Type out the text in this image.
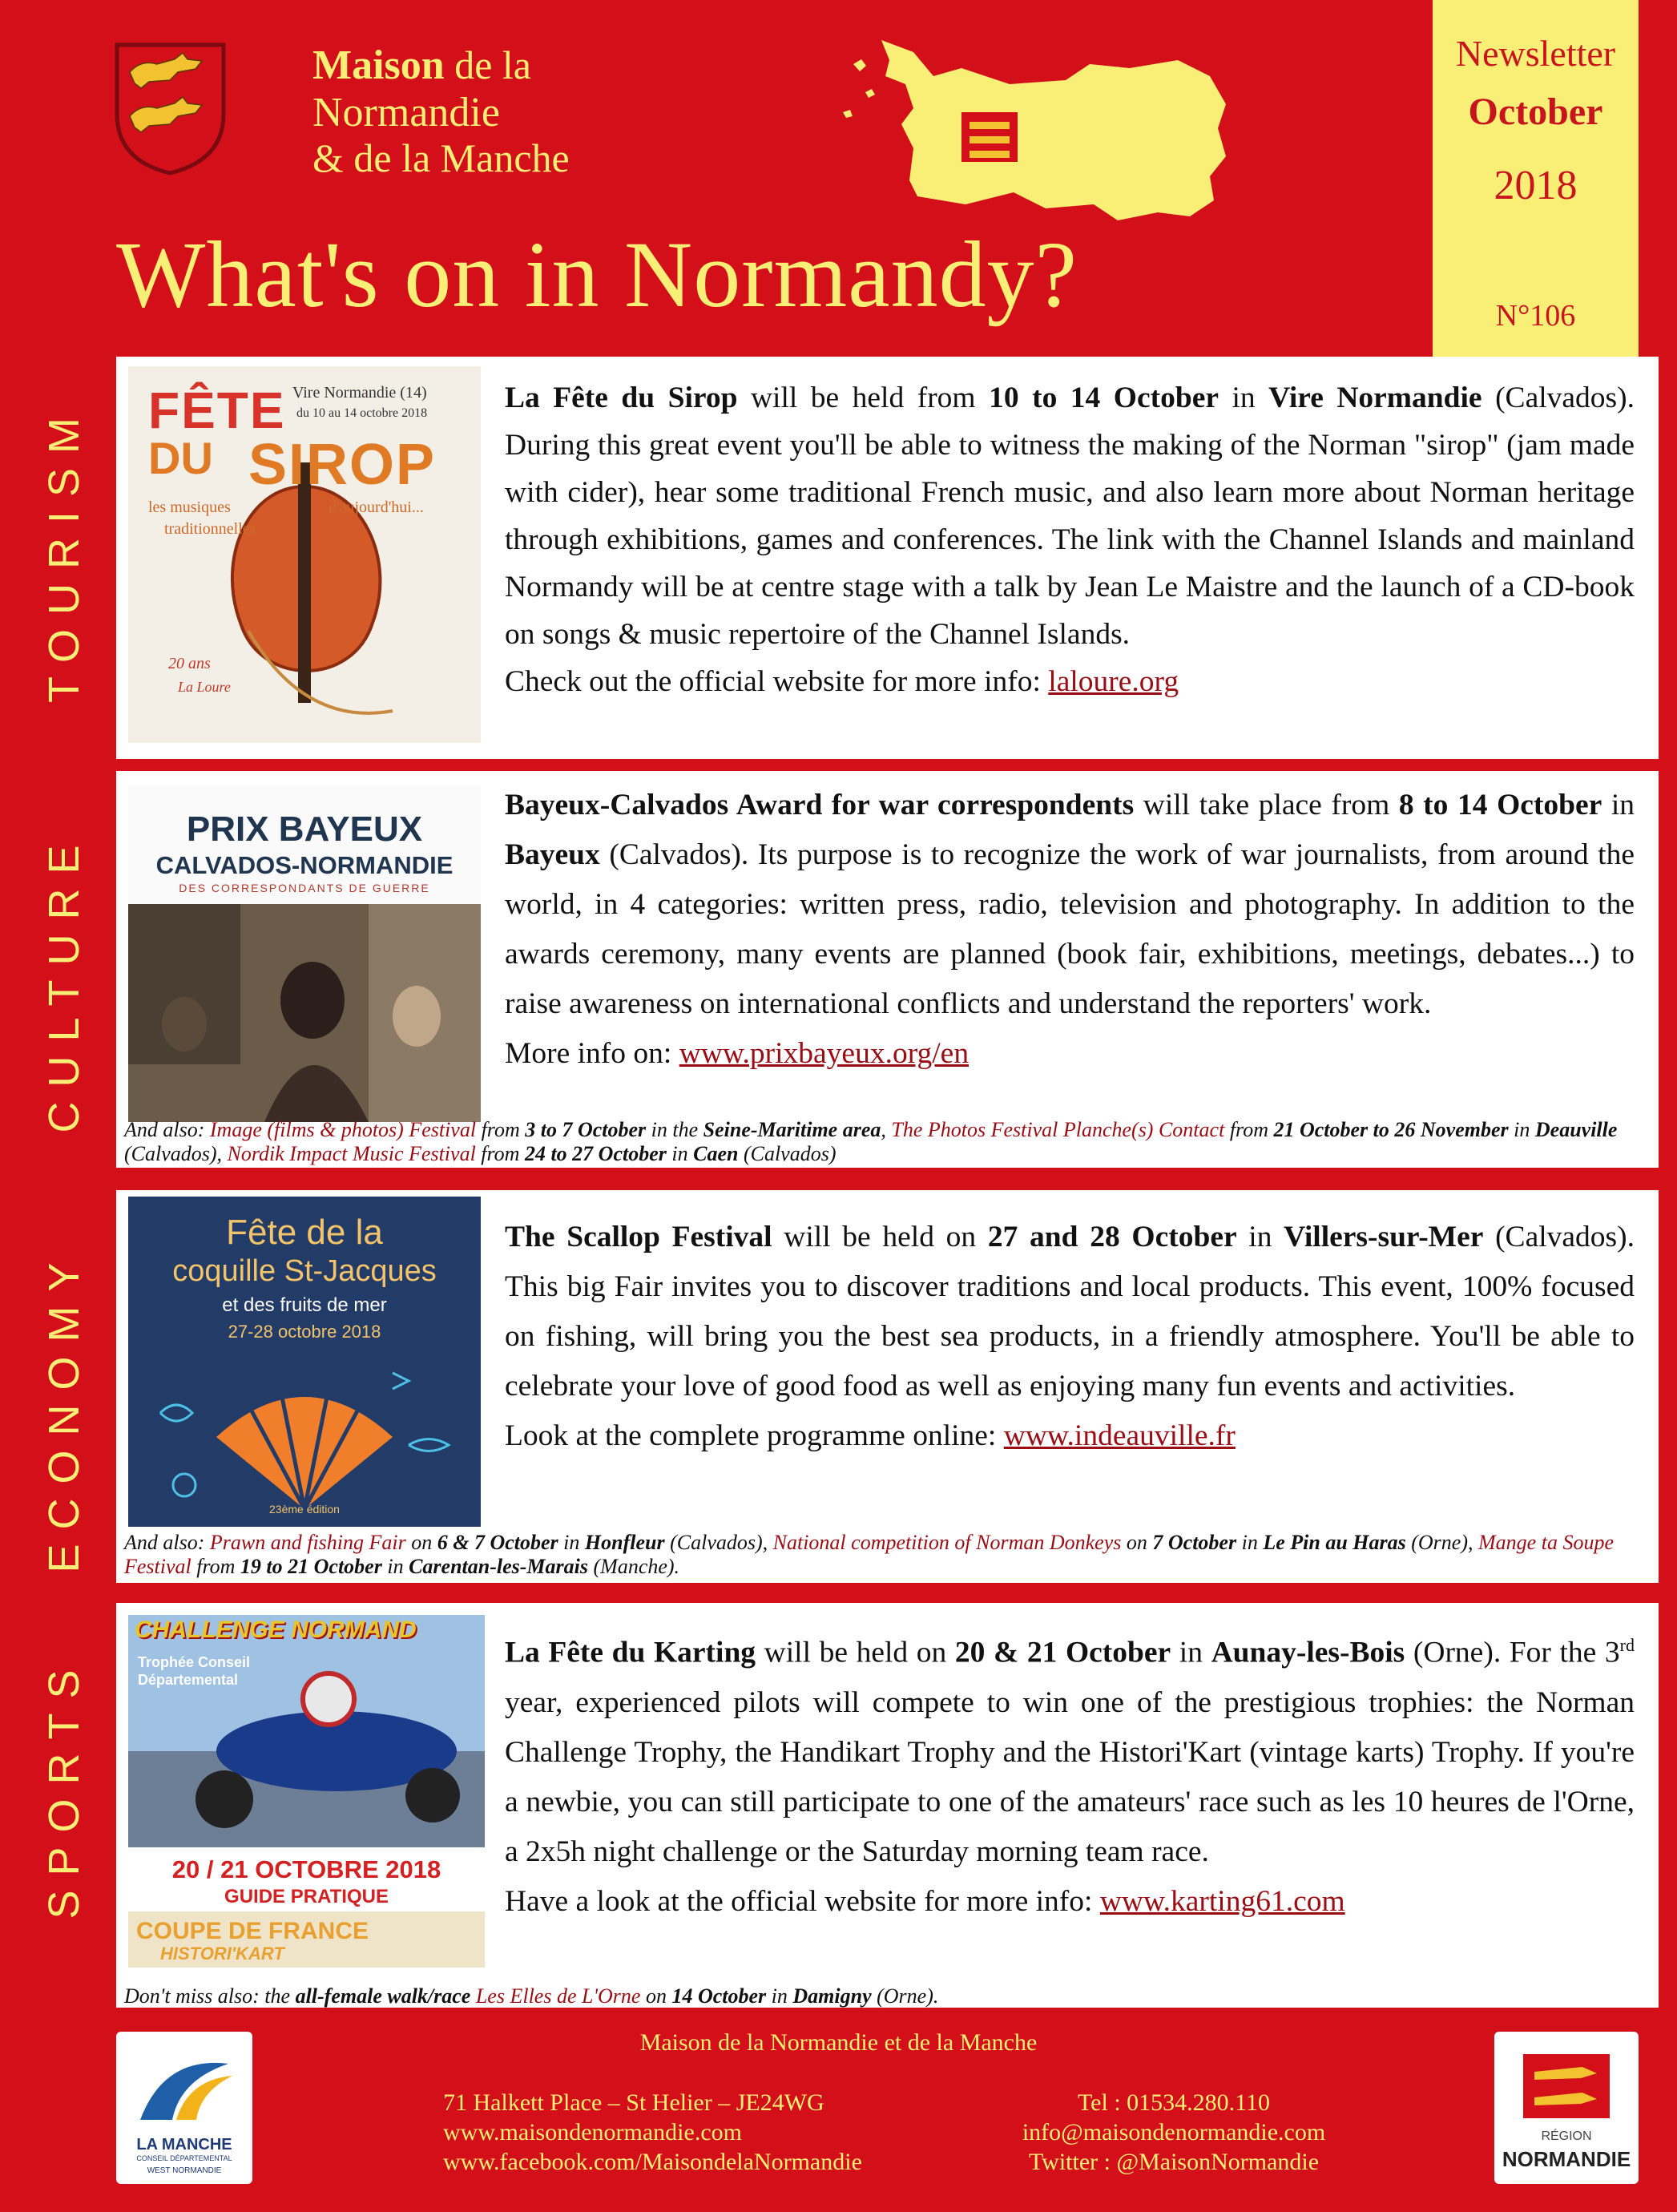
Maison de la
Normandie
& de la Manche
What's on in Normandy?
Newsletter
October
2018
N°106
TOURISM
CULTURE
ECONOMY
SPORTS
FÊTE
DU SIROP
Vire Normandie (14)
du 10 au 14 octobre 2018
les musiques
traditionnelles
d'aujourd'hui...
20 ans
La Loure

La Fête du Sirop will be held from 10 to 14 October in Vire Normandie (Calvados). During this great event you'll be able to witness the making of the Norman "sirop" (jam made with cider), hear some traditional French music, and also learn more about Norman heritage through exhibitions, games and conferences. The link with the Channel Islands and mainland Normandy will be at centre stage with a talk by Jean Le Maistre and the launch of a CD-book on songs & music repertoire of the Channel Islands.

Check out the official website for more info: laloure.org

PRIX BAYEUX
CALVADOS-NORMANDIE
DES CORRESPONDANTS DE GUERRE

Bayeux-Calvados Award for war correspondents will take place from 8 to 14 October in Bayeux (Calvados). Its purpose is to recognize the work of war journalists, from around the world, in 4 categories: written press, radio, television and photography. In addition to the awards ceremony, many events are planned (book fair, exhibitions, meetings, debates...) to raise awareness on international conflicts and understand the reporters' work.

More info on: www.prixbayeux.org/en

And also: Image (films & photos) Festival from 3 to 7 October in the Seine-Maritime area, The Photos Festival Planche(s) Contact from 21 October to 26 November in Deauville (Calvados), Nordik Impact Music Festival from 24 to 27 October in Caen (Calvados)
Fête de la
coquille St-Jacques
et des fruits de mer
27-28 octobre 2018
23ème édition

The Scallop Festival will be held on 27 and 28 October in Villers-sur-Mer (Calvados). This big Fair invites you to discover traditions and local products. This event, 100% focused on fishing, will bring you the best sea products, in a friendly atmosphere. You'll be able to celebrate your love of good food as well as enjoying many fun events and activities.

Look at the complete programme online: www.indeauville.fr

And also: Prawn and fishing Fair on 6 & 7 October in Honfleur (Calvados), National competition of Norman Donkeys on 7 October in Le Pin au Haras (Orne), Mange ta Soupe Festival from 19 to 21 October in Carentan-les-Marais (Manche).
CHALLENGE NORMAND
Trophée Conseil Départemental
20 / 21 OCTOBRE 2018
GUIDE PRATIQUE
COUPE DE FRANCE
HISTORI'KART

La Fête du Karting will be held on 20 & 21 October in Aunay-les-Bois (Orne). For the 3rd year, experienced pilots will compete to win one of the prestigious trophies: the Norman Challenge Trophy, the Handikart Trophy and the Histori'Kart (vintage karts) Trophy. If you're a newbie, you can still participate to one of the amateurs' race such as les 10 heures de l'Orne, a 2x5h night challenge or the Saturday morning team race.

Have a look at the official website for more info: www.karting61.com

Don't miss also: the all-female walk/race Les Elles de L'Orne on 14 October in Damigny (Orne).
LA MANCHE
CONSEIL DÉPARTEMENTAL
WEST NORMANDIE
Maison de la Normandie et de la Manche
71 Halkett Place – St Helier – JE24WG
www.maisondenormandie.com
www.facebook.com/MaisondelaNormandie
Tel : 01534.280.110
info@maisondenormandie.com
Twitter : @MaisonNormandie
RÉGION
NORMANDIE
